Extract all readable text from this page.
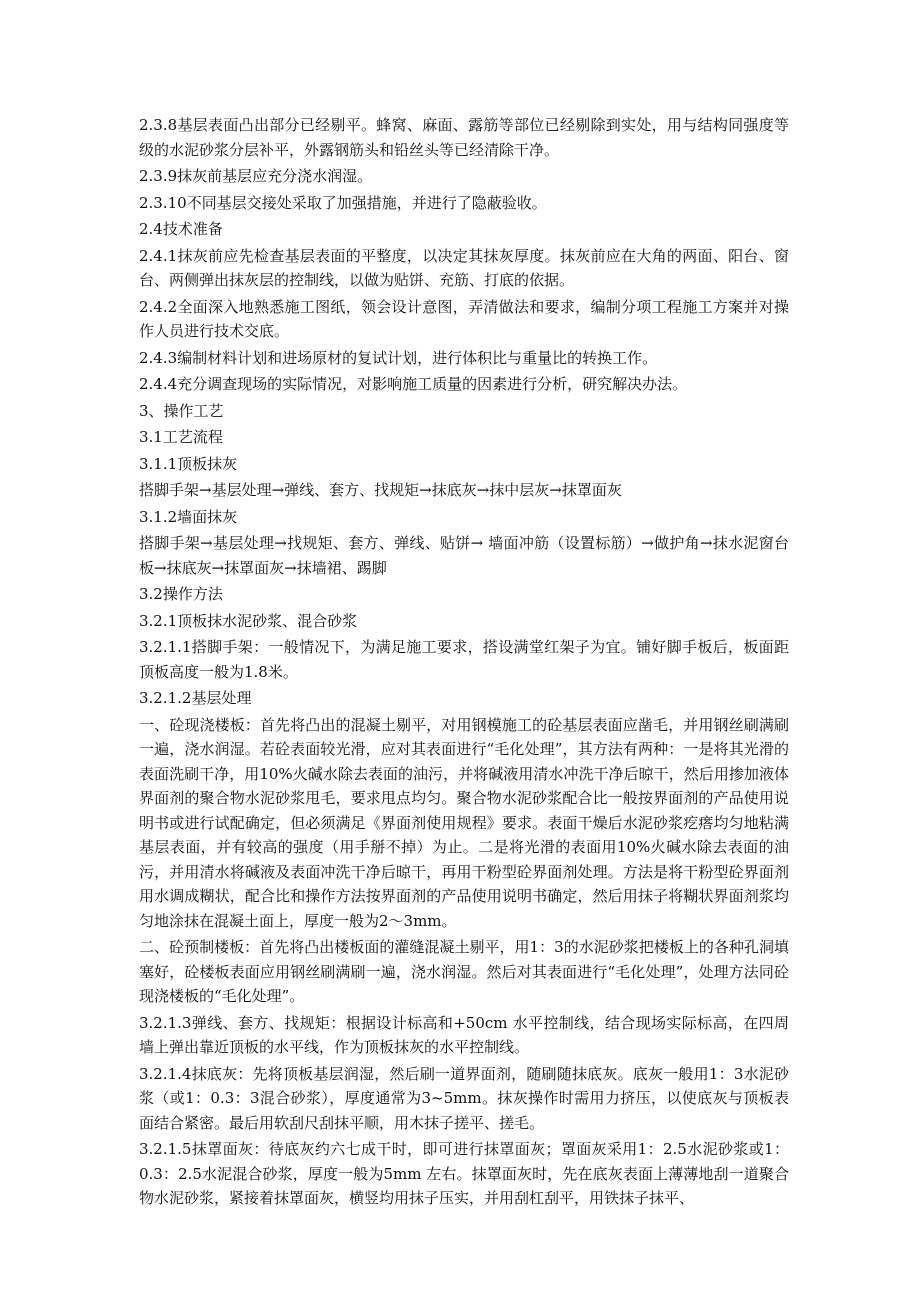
2.3.8基层表面凸出部分已经剔平。蜂窝、麻面、露筋等部位已经剔除到实处，用与结构同强度等级的水泥砂浆分层补平，外露钢筋头和铅丝头等已经清除干净。

2.3.9抹灰前基层应充分浇水润湿。

2.3.10不同基层交接处采取了加强措施，并进行了隐蔽验收。

2.4技术准备

2.4.1抹灰前应先检查基层表面的平整度，以决定其抹灰厚度。抹灰前应在大角的两面、阳台、窗台、两侧弹出抹灰层的控制线，以做为贴饼、充筋、打底的依据。

2.4.2全面深入地熟悉施工图纸，领会设计意图，弄清做法和要求，编制分项工程施工方案并对操作人员进行技术交底。

2.4.3编制材料计划和进场原材的复试计划，进行体积比与重量比的转换工作。

2.4.4充分调查现场的实际情况，对影响施工质量的因素进行分析，研究解决办法。

3、操作工艺

3.1工艺流程

3.1.1顶板抹灰

搭脚手架→基层处理→弹线、套方、找规矩→抹底灰→抹中层灰→抹罩面灰

3.1.2墙面抹灰

搭脚手架→基层处理→找规矩、套方、弹线、贴饼→ 墙面冲筋（设置标筋）→做护角→抹水泥窗台板→抹底灰→抹罩面灰→抹墙裙、踢脚

3.2操作方法

3.2.1顶板抹水泥砂浆、混合砂浆

3.2.1.1搭脚手架：一般情况下，为满足施工要求，搭设满堂红架子为宜。铺好脚手板后，板面距顶板高度一般为1.8米。

3.2.1.2基层处理

一、砼现浇楼板：首先将凸出的混凝土剔平，对用钢模施工的砼基层表面应凿毛，并用钢丝刷满刷一遍，浇水润湿。若砼表面较光滑，应对其表面进行“毛化处理”，其方法有两种：一是将其光滑的表面洗刷干净，用10%火碱水除去表面的油污，并将碱液用清水冲洗干净后晾干，然后用掺加液体界面剂的聚合物水泥砂浆甩毛，要求甩点均匀。聚合物水泥砂浆配合比一般按界面剂的产品使用说明书或进行试配确定，但必须满足《界面剂使用规程》要求。表面干燥后水泥砂浆疙瘩均匀地粘满基层表面，并有较高的强度（用手掰不掉）为止。二是将光滑的表面用10%火碱水除去表面的油污，并用清水将碱液及表面冲洗干净后晾干，再用干粉型砼界面剂处理。方法是将干粉型砼界面剂用水调成糊状，配合比和操作方法按界面剂的产品使用说明书确定，然后用抹子将糊状界面剂浆均匀地涂抹在混凝土面上，厚度一般为2～3mm。

二、砼预制楼板：首先将凸出楼板面的灌缝混凝土剔平，用1：3的水泥砂浆把楼板上的各种孔洞填塞好，砼楼板表面应用钢丝刷满刷一遍，浇水润湿。然后对其表面进行“毛化处理”，处理方法同砼现浇楼板的“毛化处理”。

3.2.1.3弹线、套方、找规矩：根据设计标高和+50cm 水平控制线，结合现场实际标高，在四周墙上弹出靠近顶板的水平线，作为顶板抹灰的水平控制线。

3.2.1.4抹底灰：先将顶板基层润湿，然后刷一道界面剂，随刷随抹底灰。底灰一般用1：3水泥砂浆（或1：0.3：3混合砂浆），厚度通常为3~5mm。抹灰操作时需用力挤压，以使底灰与顶板表面结合紧密。最后用软刮尺刮抹平顺，用木抹子搓平、搓毛。

3.2.1.5抹罩面灰：待底灰约六七成干时，即可进行抹罩面灰；罩面灰采用1：2.5水泥砂浆或1：0.3：2.5水泥混合砂浆，厚度一般为5mm 左右。抹罩面灰时，先在底灰表面上薄薄地刮一道聚合物水泥砂浆，紧接着抹罩面灰，横竖均用抹子压实，并用刮杠刮平，用铁抹子抹平、
